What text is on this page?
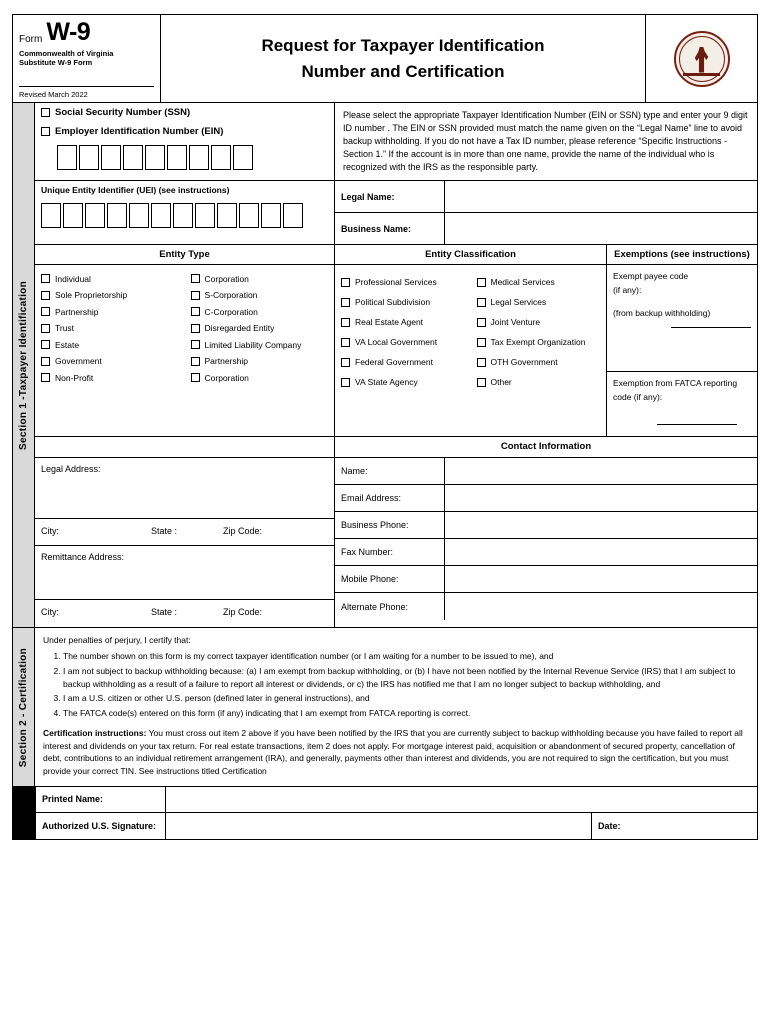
Form W-9
Commonwealth of Virginia
Substitute W-9 Form
Revised March 2022
Request for Taxpayer Identification
Number and Certification
Section 1 -Taxpayer Identification
Social Security Number (SSN)
Employer Identification Number (EIN)
Please select the appropriate Taxpayer Identification Number (EIN or SSN) type and enter your 9 digit ID number . The EIN or SSN provided must match the name given on the “Legal Name” line to avoid backup withholding. If you do not have a Tax ID number, please reference “Specific Instructions - Section 1.” If the account is in more than one name, provide the name of the individual who is recognized with the IRS as the responsible party.
Unique Entity Identifier (UEI) (see instructions)
Legal Name:
Business Name:
Entity Type	Entity Classification	Exemptions (see instructions)
Individual
Sole Proprietorship
Partnership
Trust
Estate
Government
Non-Profit
Corporation
S-Corporation
C-Corporation
Disregarded Entity
Limited Liability Company
Partnership
Corporation
Professional Services
Political Subdivision
Real Estate Agent
VA Local Government
Federal Government
VA State Agency
Medical Services
Legal Services
Joint Venture
Tax Exempt Organization
OTH Government
Other
Exempt payee code
(if any):
(from backup withholding)
Exemption from FATCA reporting
code (if any):
Contact Information
Legal Address:
City:	State :	Zip Code:
Remittance Address:
City:	State :	Zip Code:
Name:
Email Address:
Business Phone:
Fax Number:
Mobile Phone:
Alternate Phone:
Section 2 - Certification
Under penalties of perjury, I certify that:
1. The number shown on this form is my correct taxpayer identification number (or I am waiting for a number to be issued to me), and
2. I am not subject to backup withholding because: (a) I am exempt from backup withholding, or (b) I have not been notified by the Internal Revenue Service (IRS) that I am subject to backup withholding as a result of a failure to report all interest or dividends, or c) the IRS has notified me that I am no longer subject to backup withholding, and
3. I am a U.S. citizen or other U.S. person (defined later in general instructions), and
4. The FATCA code(s) entered on this form (if any) indicating that I am exempt from FATCA reporting is correct.

Certification instructions: You must cross out item 2 above if you have been notified by the IRS that you are currently subject to backup withholding because you have failed to report all interest and dividends on your tax return. For real estate transactions, item 2 does not apply. For mortgage interest paid, acquisition or abandonment of secured property, cancellation of debt, contributions to an individual retirement arrangement (IRA), and generally, payments other than interest and dividends, you are not required to sign the certification, but you must provide your correct TIN. See instructions titled Certification

Printed Name:
Authorized U.S. Signature:	Date:
